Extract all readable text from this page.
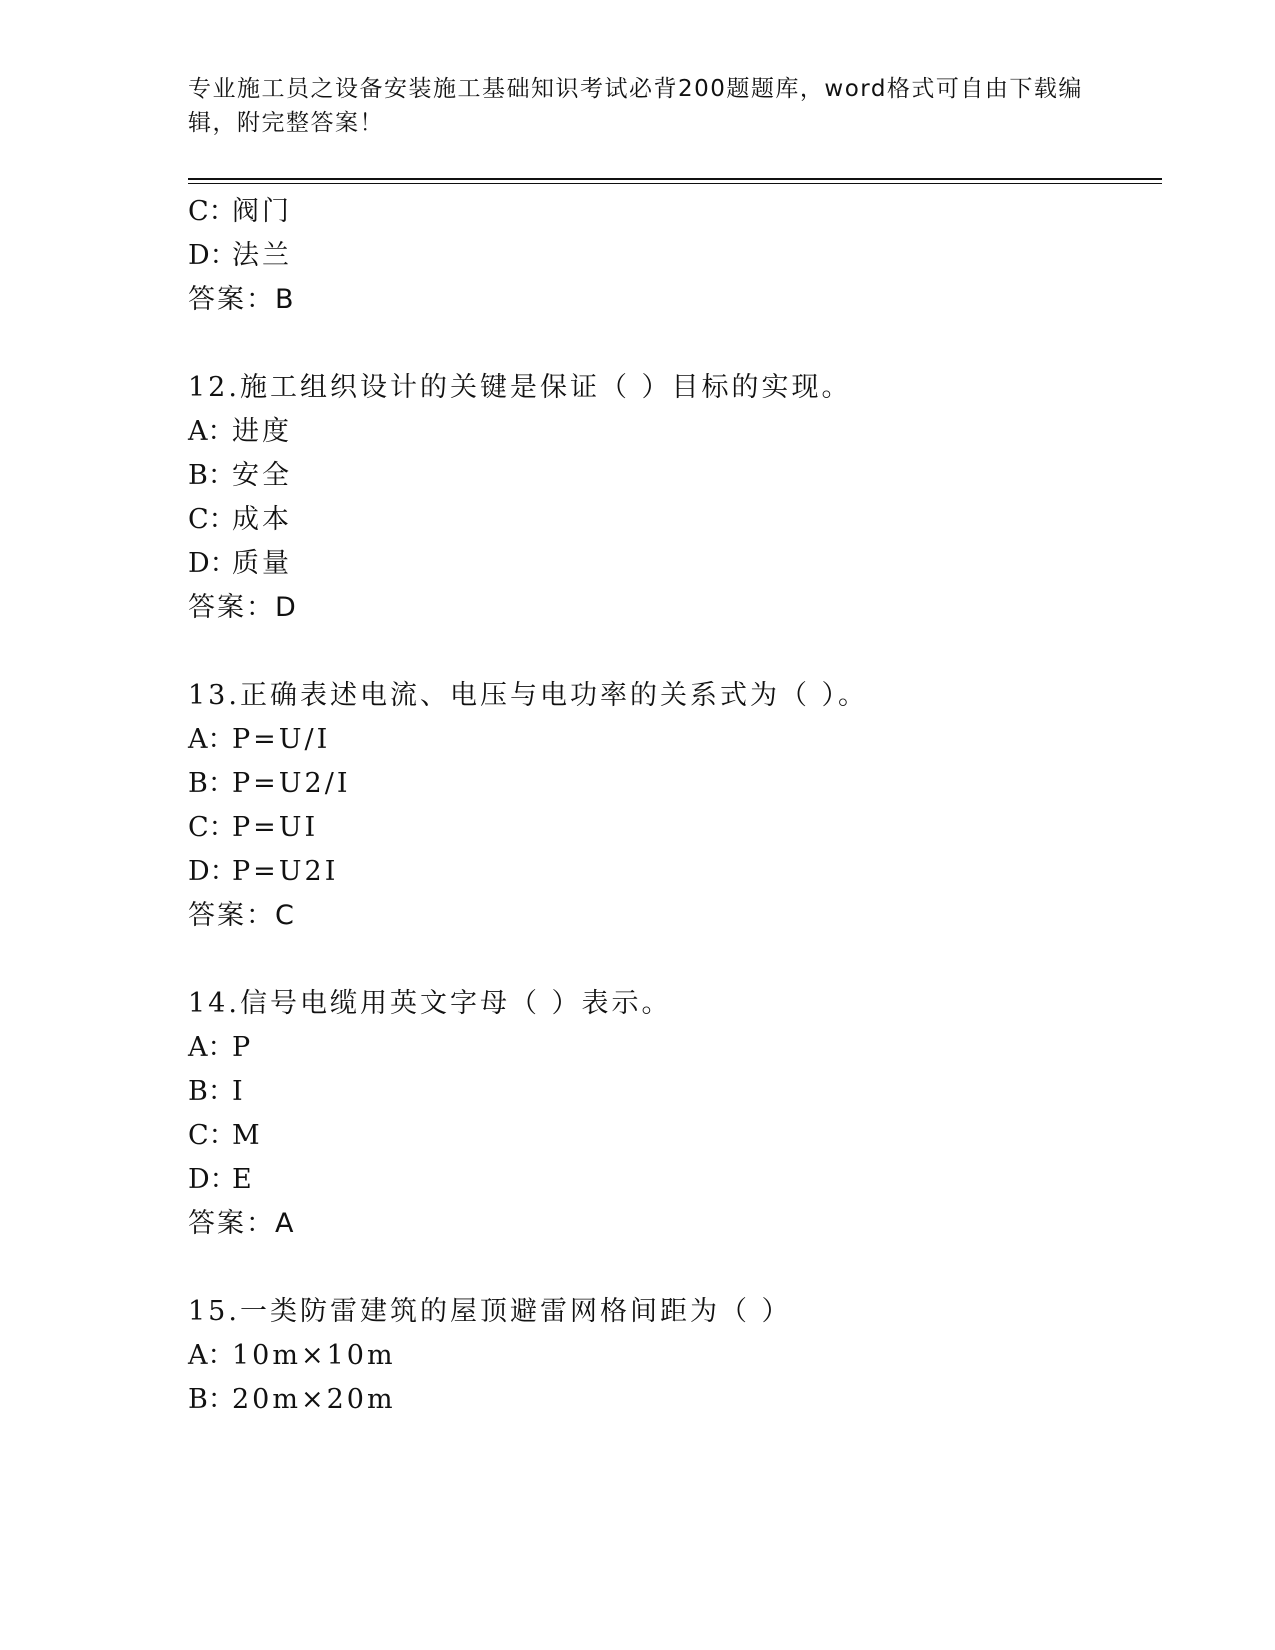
专业施工员之设备安装施工基础知识考试必背200题题库，word格式可自由下载编辑，附完整答案！
C：阀门
D：法兰
答案：B
12.施工组织设计的关键是保证（ ）目标的实现。
A：进度
B：安全
C：成本
D：质量
答案：D
13.正确表述电流、电压与电功率的关系式为（ ）。
A：P=U/I
B：P=U2/I
C：P=UI
D：P=U2I
答案：C
14.信号电缆用英文字母（ ）表示。
A：P
B：I
C：M
D：E
答案：A
15.一类防雷建筑的屋顶避雷网格间距为（ ）
A：10m×10m
B：20m×20m
